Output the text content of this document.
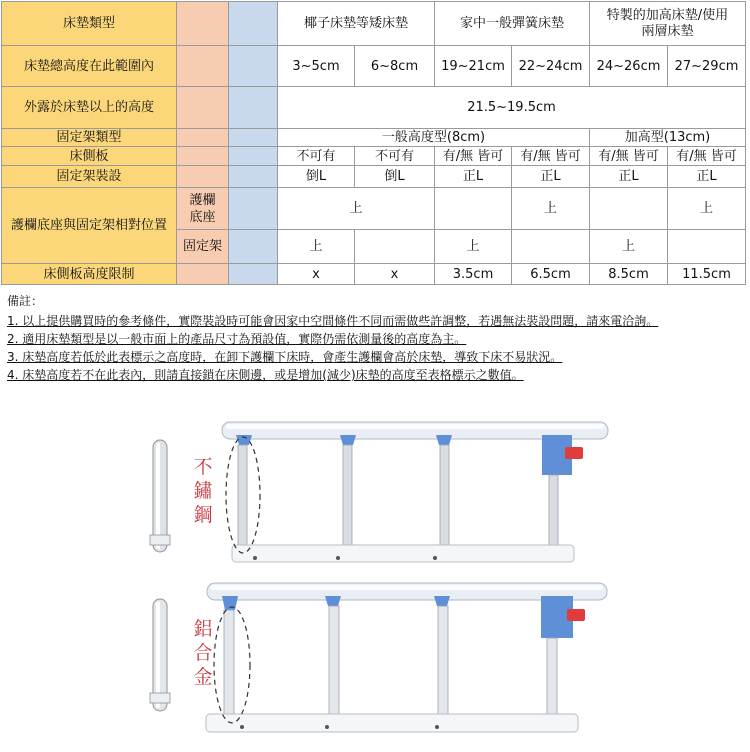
床墊類型			椰子床墊等矮床墊		家中一般彈簧床墊		特製的加高床墊/使用兩層床墊	
床墊總高度在此範圍內			3~5cm	6~8cm	19~21cm	22~24cm	24~26cm	27~29cm
外露於床墊以上的高度			21.5~19.5cm					
固定架類型			一般高度型(8cm)				加高型(13cm)	
床側板			不可有	不可有	有/無 皆可	有/無 皆可	有/無 皆可	有/無 皆可
固定架裝設			倒L	倒L	正L	正L	正L	正L
護欄底座與固定架相對位置	護欄底座		上			上		上
	固定架		上		上		上	
床側板高度限制			x	x	3.5cm	6.5cm	8.5cm	11.5cm
備註：
1. 以上提供購買時的參考條件，實際裝設時可能會因家中空間條件不同而需做些許調整，若遇無法裝設問題，請來電洽詢。
2. 適用床墊類型是以一般市面上的產品尺寸為預設值，實際仍需依測量後的高度為主。
3. 床墊高度若低於此表標示之高度時，在卸下護欄下床時，會產生護欄會高於床墊，導致下床不易狀況。
4. 床墊高度若不在此表內，則請直接鎖在床側邊，或是增加(減少)床墊的高度至表格標示之數值。
不鏽鋼
鋁合金
